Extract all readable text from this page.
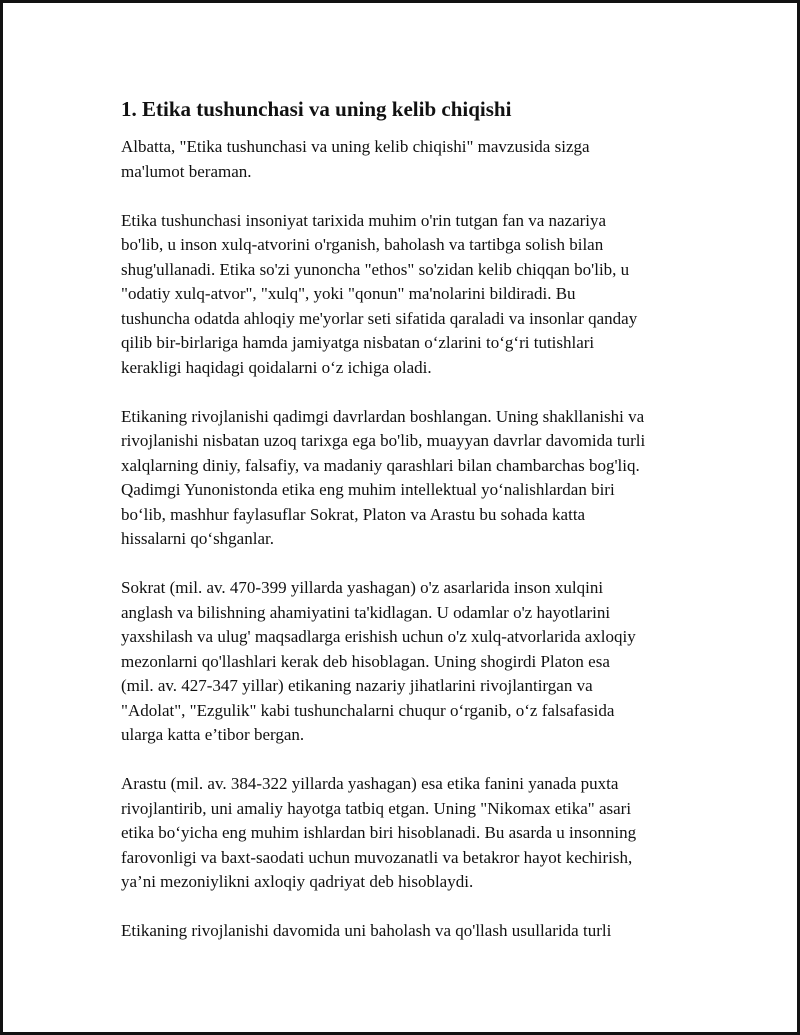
1. Etika tushunchasi va uning kelib chiqishi

Albatta, "Etika tushunchasi va uning kelib chiqishi" mavzusida sizga
ma'lumot beraman.

Etika tushunchasi insoniyat tarixida muhim o'rin tutgan fan va nazariya
bo'lib, u inson xulq-atvorini o'rganish, baholash va tartibga solish bilan
shug'ullanadi. Etika so'zi yunoncha "ethos" so'zidan kelib chiqqan bo'lib, u
"odatiy xulq-atvor", "xulq", yoki "qonun" ma'nolarini bildiradi. Bu
tushuncha odatda ahloqiy me'yorlar seti sifatida qaraladi va insonlar qanday
qilib bir-birlariga hamda jamiyatga nisbatan o‘zlarini to‘g‘ri tutishlari
kerakligi haqidagi qoidalarni o‘z ichiga oladi.

Etikaning rivojlanishi qadimgi davrlardan boshlangan. Uning shakllanishi va
rivojlanishi nisbatan uzoq tarixga ega bo'lib, muayyan davrlar davomida turli
xalqlarning diniy, falsafiy, va madaniy qarashlari bilan chambarchas bog'liq.
Qadimgi Yunonistonda etika eng muhim intellektual yo‘nalishlardan biri
bo‘lib, mashhur faylasuflar Sokrat, Platon va Arastu bu sohada katta
hissalarni qo‘shganlar.

Sokrat (mil. av. 470-399 yillarda yashagan) o'z asarlarida inson xulqini
anglash va bilishning ahamiyatini ta'kidlagan. U odamlar o'z hayotlarini
yaxshilash va ulug' maqsadlarga erishish uchun o'z xulq-atvorlarida axloqiy
mezonlarni qo'llashlari kerak deb hisoblagan. Uning shogirdi Platon esa
(mil. av. 427-347 yillar) etikaning nazariy jihatlarini rivojlantirgan va
"Adolat", "Ezgulik" kabi tushunchalarni chuqur o‘rganib, o‘z falsafasida
ularga katta e’tibor bergan.

Arastu (mil. av. 384-322 yillarda yashagan) esa etika fanini yanada puxta
rivojlantirib, uni amaliy hayotga tatbiq etgan. Uning "Nikomax etika" asari
etika bo‘yicha eng muhim ishlardan biri hisoblanadi. Bu asarda u insonning
farovonligi va baxt-saodati uchun muvozanatli va betakror hayot kechirish,
ya’ni mezoniylikni axloqiy qadriyat deb hisoblaydi.

Etikaning rivojlanishi davomida uni baholash va qo'llash usullarida turli
